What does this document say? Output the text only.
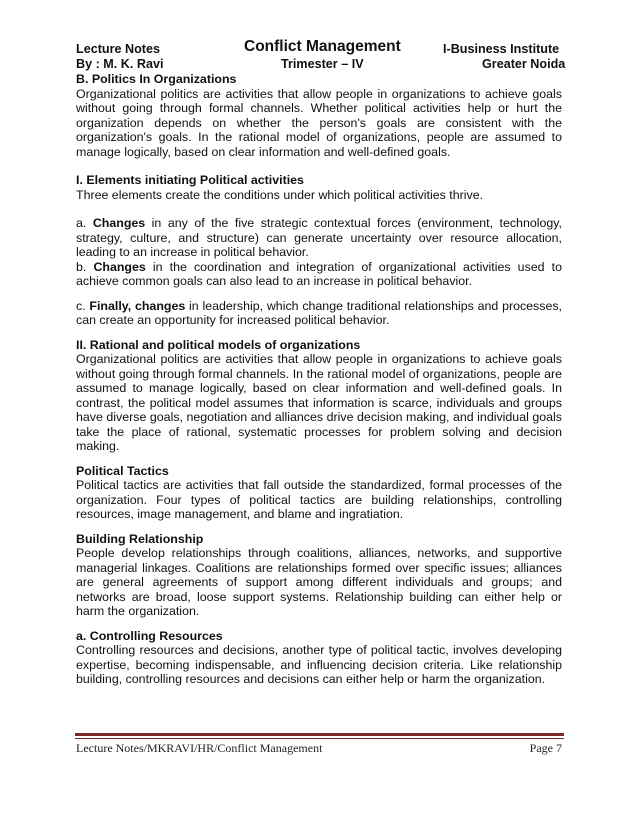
Lecture Notes	Conflict Management	I-Business Institute
By : M. K. Ravi	Trimester – IV	Greater Noida
B. Politics In Organizations

Organizational politics are activities that allow people in organizations to achieve goals without going through formal channels. Whether political activities help or hurt the organization depends on whether the person's goals are consistent with the organization's goals. In the rational model of organizations, people are assumed to manage logically, based on clear information and well-defined goals.

I. Elements initiating Political activities

Three elements create the conditions under which political activities thrive.

a. Changes in any of the five strategic contextual forces (environment, technology, strategy, culture, and structure) can generate uncertainty over resource allocation, leading to an increase in political behavior.

b. Changes in the coordination and integration of organizational activities used to achieve common goals can also lead to an increase in political behavior.

c. Finally, changes in leadership, which change traditional relationships and processes, can create an opportunity for increased political behavior.

II. Rational and political models of organizations

Organizational politics are activities that allow people in organizations to achieve goals without going through formal channels. In the rational model of organizations, people are assumed to manage logically, based on clear information and well-defined goals. In contrast, the political model assumes that information is scarce, individuals and groups have diverse goals, negotiation and alliances drive decision making, and individual goals take the place of rational, systematic processes for problem solving and decision making.

Political Tactics

Political tactics are activities that fall outside the standardized, formal processes of the organization. Four types of political tactics are building relationships, controlling resources, image management, and blame and ingratiation.

Building Relationship

People develop relationships through coalitions, alliances, networks, and supportive managerial linkages. Coalitions are relationships formed over specific issues; alliances are general agreements of support among different individuals and groups; and networks are broad, loose support systems. Relationship building can either help or harm the organization.

a. Controlling Resources

Controlling resources and decisions, another type of political tactic, involves developing expertise, becoming indispensable, and influencing decision criteria. Like relationship building, controlling resources and decisions can either help or harm the organization.

Lecture Notes/MKRAVI/HR/Conflict Management	Page 7
